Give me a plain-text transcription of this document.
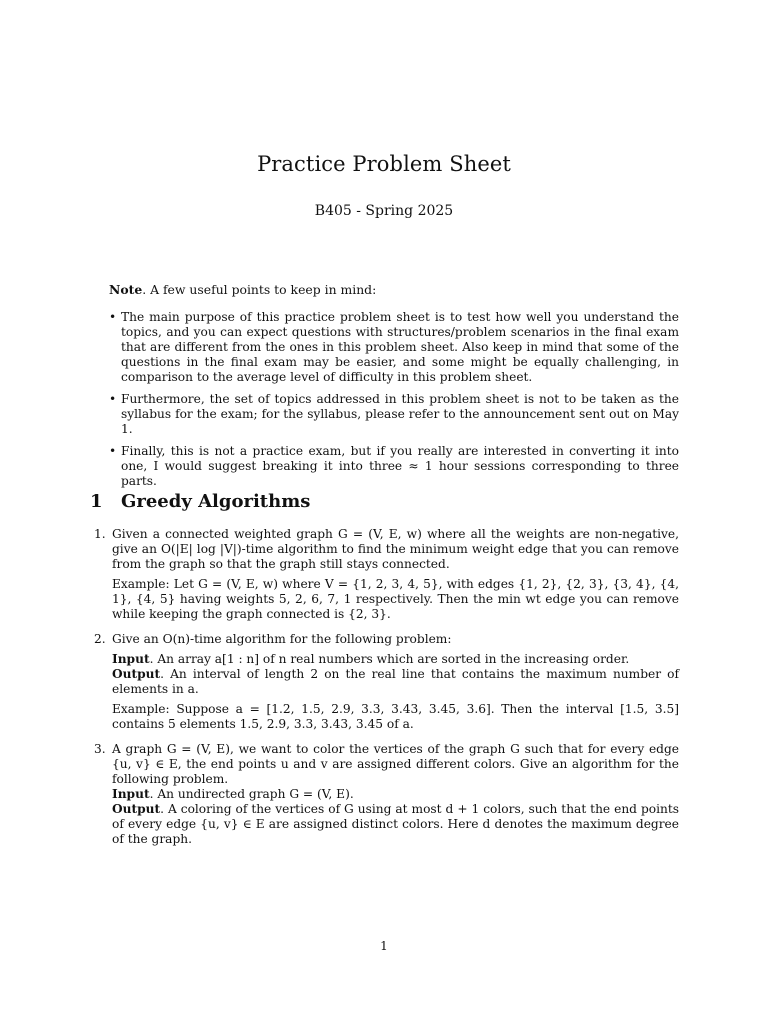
Practice Problem Sheet
B405 - Spring 2025

Note. A few useful points to keep in mind:

• The main purpose of this practice problem sheet is to test how well you understand the topics, and you can expect questions with structures/problem scenarios in the final exam that are different from the ones in this problem sheet. Also keep in mind that some of the questions in the final exam may be easier, and some might be equally challenging, in comparison to the average level of difficulty in this problem sheet.
• Furthermore, the set of topics addressed in this problem sheet is not to be taken as the syllabus for the exam; for the syllabus, please refer to the announcement sent out on May 1.
• Finally, this is not a practice exam, but if you really are interested in converting it into one, I would suggest breaking it into three ≈ 1 hour sessions corresponding to three parts.
1 Greedy Algorithms
1. Given a connected weighted graph G = (V, E, w) where all the weights are non-negative, give an O(|E| log |V|)-time algorithm to find the minimum weight edge that you can remove from the graph so that the graph still stays connected.

Example: Let G = (V, E, w) where V = {1, 2, 3, 4, 5}, with edges {1, 2}, {2, 3}, {3, 4}, {4, 1}, {4, 5} having weights 5, 2, 6, 7, 1 respectively. Then the min wt edge you can remove while keeping the graph connected is {2, 3}.

2. Give an O(n)-time algorithm for the following problem:

Input. An array a[1 : n] of n real numbers which are sorted in the increasing order.

Output. An interval of length 2 on the real line that contains the maximum number of elements in a.

Example: Suppose a = [1.2, 1.5, 2.9, 3.3, 3.43, 3.45, 3.6]. Then the interval [1.5, 3.5] contains 5 elements 1.5, 2.9, 3.3, 3.43, 3.45 of a.

3. A graph G = (V, E), we want to color the vertices of the graph G such that for every edge {u, v} ∈ E, the end points u and v are assigned different colors. Give an algorithm for the following problem.

Input. An undirected graph G = (V, E).

Output. A coloring of the vertices of G using at most d + 1 colors, such that the end points of every edge {u, v} ∈ E are assigned distinct colors. Here d denotes the maximum degree of the graph.

1
